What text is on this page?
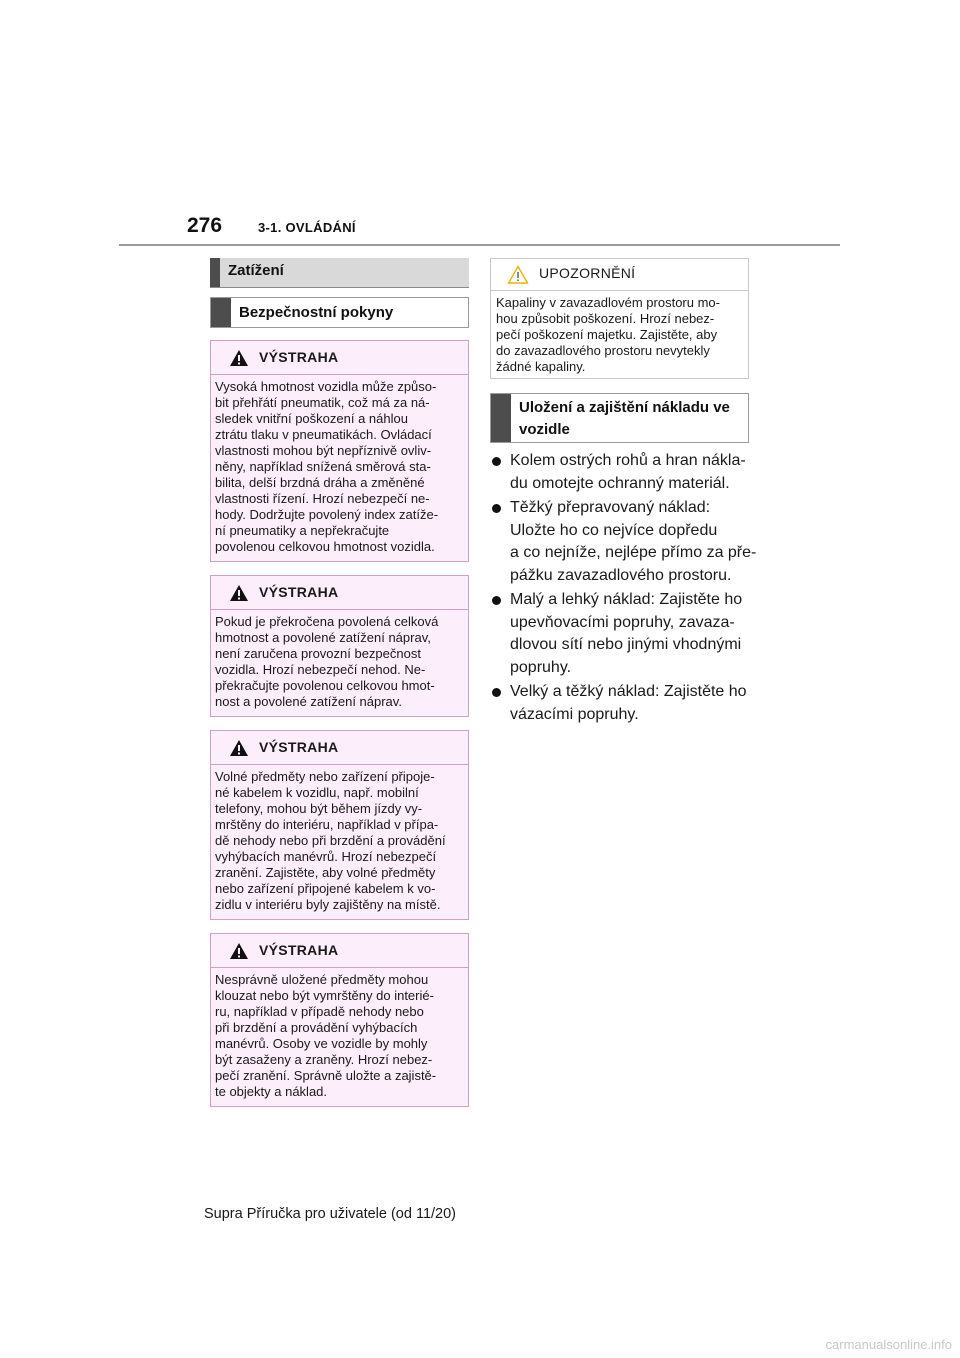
276	3-1. OVLÁDÁNÍ
Zatížení
Bezpečnostní pokyny
VÝSTRAHA
Vysoká hmotnost vozidla může způso-
bit přehřátí pneumatik, což má za ná-
sledek vnitřní poškození a náhlou
ztrátu tlaku v pneumatikách. Ovládací
vlastnosti mohou být nepříznivě ovliv-
něny, například snížená směrová sta-
bilita, delší brzdná dráha a změněné
vlastnosti řízení. Hrozí nebezpečí ne-
hody. Dodržujte povolený index zatíže-
ní pneumatiky a nepřekračujte
povolenou celkovou hmotnost vozidla.
VÝSTRAHA
Pokud je překročena povolená celková
hmotnost a povolené zatížení náprav,
není zaručena provozní bezpečnost
vozidla. Hrozí nebezpečí nehod. Ne-
překračujte povolenou celkovou hmot-
nost a povolené zatížení náprav.
VÝSTRAHA
Volné předměty nebo zařízení připoje-
né kabelem k vozidlu, např. mobilní
telefony, mohou být během jízdy vy-
mrštěny do interiéru, například v přípa-
dě nehody nebo při brzdění a provádění
vyhýbacích manévrů. Hrozí nebezpečí
zranění. Zajistěte, aby volné předměty
nebo zařízení připojené kabelem k vo-
zidlu v interiéru byly zajištěny na místě.
VÝSTRAHA
Nesprávně uložené předměty mohou
klouzat nebo být vymrštěny do interié-
ru, například v případě nehody nebo
při brzdění a provádění vyhýbacích
manévrů. Osoby ve vozidle by mohly
být zasaženy a zraněny. Hrozí nebez-
pečí zranění. Správně uložte a zajistě-
te objekty a náklad.
UPOZORNĚNÍ
Kapaliny v zavazadlovém prostoru mo-
hou způsobit poškození. Hrozí nebez-
pečí poškození majetku. Zajistěte, aby
do zavazadlového prostoru nevytekly
žádné kapaliny.
Uložení a zajištění nákladu ve
vozidle
Kolem ostrých rohů a hran nákla-
du omotejte ochranný materiál.
Těžký přepravovaný náklad:
Uložte ho co nejvíce dopředu
a co nejníže, nejlépe přímo za pře-
pážku zavazadlového prostoru.
Malý a lehký náklad: Zajistěte ho
upevňovacími popruhy, zavaza-
dlovou sítí nebo jinými vhodnými
popruhy.
Velký a těžký náklad: Zajistěte ho
vázacími popruhy.
Supra Příručka pro uživatele (od 11/20)
carmanualsonline.info
